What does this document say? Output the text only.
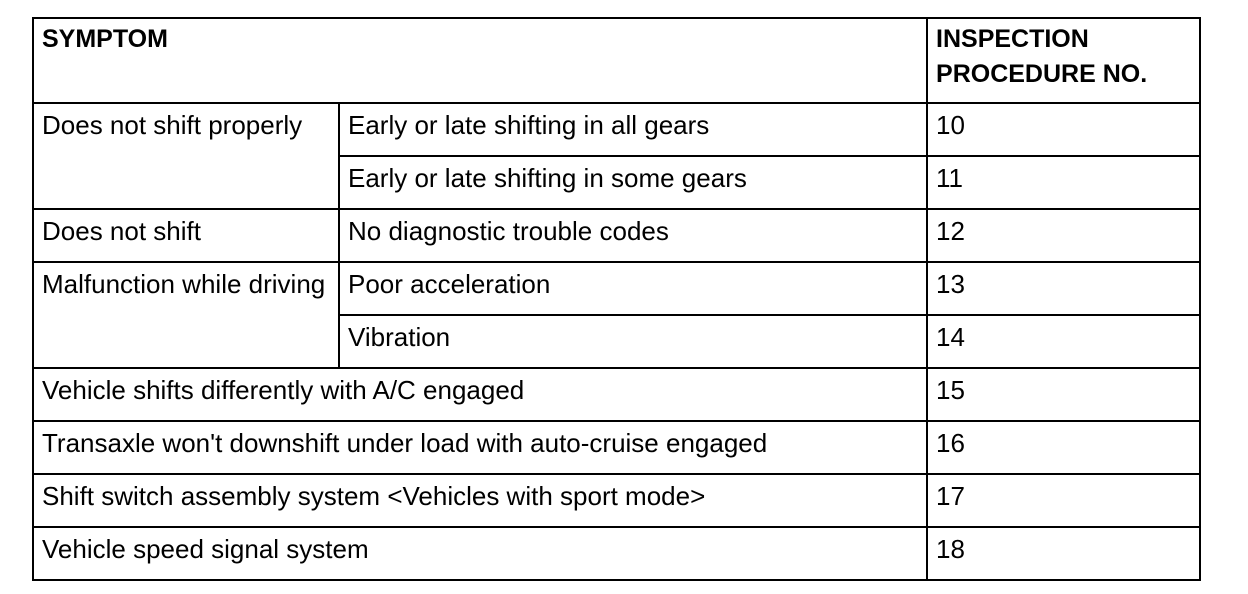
SYMPTOM		INSPECTION
PROCEDURE NO.
Does not shift properly	Early or late shifting in all gears	10
	Early or late shifting in some gears	11
Does not shift	No diagnostic trouble codes	12
Malfunction while driving	Poor acceleration	13
	Vibration	14
Vehicle shifts differently with A/C engaged		15
Transaxle won't downshift under load with auto-cruise engaged		16
Shift switch assembly system <Vehicles with sport mode>		17
Vehicle speed signal system		18
